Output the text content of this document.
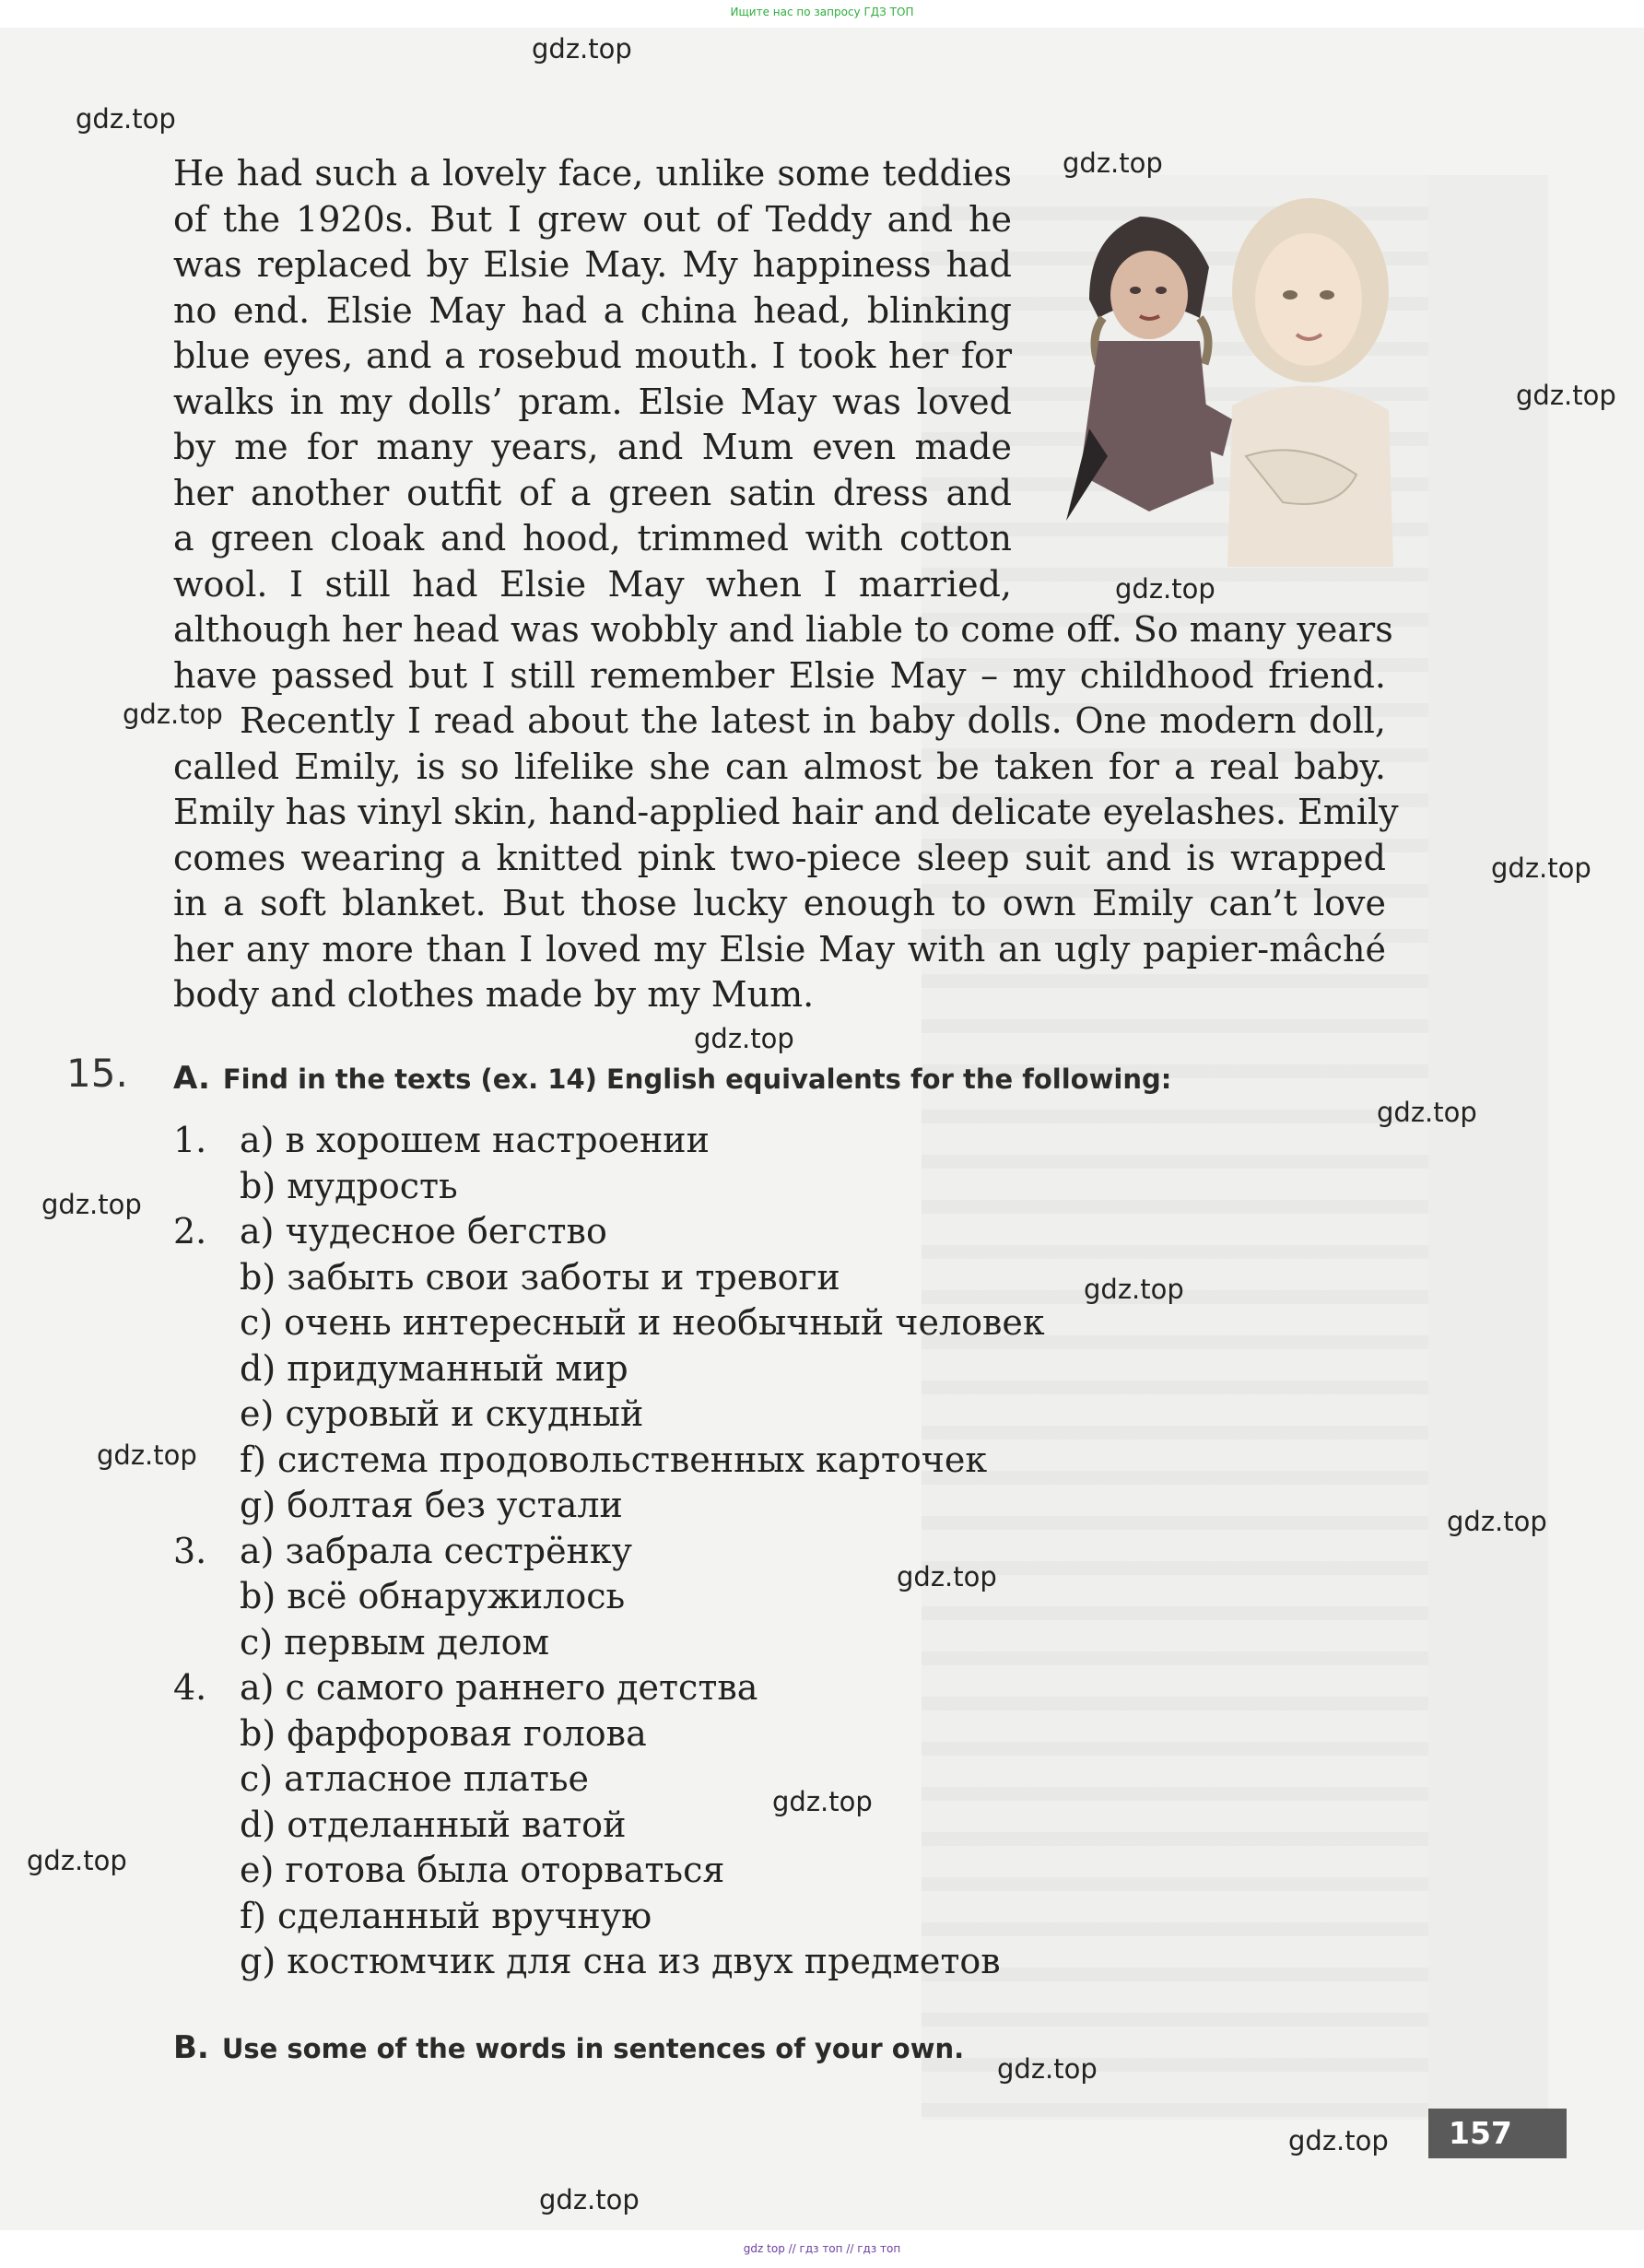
Ищите нас по запросу ГДЗ ТОП
He had such a lovely face, unlike some teddies
of the 1920s. But I grew out of Teddy and he
was replaced by Elsie May. My happiness had
no end. Elsie May had a china head, blinking
blue eyes, and a rosebud mouth. I took her for
walks in my dolls’ pram. Elsie May was loved
by me for many years, and Mum even made
her another outfit of a green satin dress and
a green cloak and hood, trimmed with cotton
wool. I still had Elsie May when I married,
although her head was wobbly and liable to come off. So many years
have passed but I still remember Elsie May – my childhood friend.
Recently I read about the latest in baby dolls. One modern doll,
called Emily, is so lifelike she can almost be taken for a real baby.
Emily has vinyl skin, hand-applied hair and delicate eyelashes. Emily
comes wearing a knitted pink two-piece sleep suit and is wrapped
in a soft blanket. But those lucky enough to own Emily can’t love
her any more than I loved my Elsie May with an ugly papier-mâché
body and clothes made by my Mum.
15. A. Find in the texts (ex. 14) English equivalents for the following:
1. a) в хорошем настроении
b) мудрость
2. a) чудесное бегство
b) забыть свои заботы и тревоги
c) очень интересный и необычный человек
d) придуманный мир
e) суровый и скудный
f) система продовольственных карточек
g) болтая без устали
3. a) забрала сестрёнку
b) всё обнаружилось
c) первым делом
4. a) с самого раннего детства
b) фарфоровая голова
c) атласное платье
d) отделанный ватой
e) готова была оторваться
f) сделанный вручную
g) костюмчик для сна из двух предметов
B. Use some of the words in sentences of your own.
157
gdz.top
gdz.top
gdz.top
gdz.top
gdz.top
gdz.top
gdz.top
gdz.top
gdz.top
gdz.top
gdz.top
gdz.top
gdz.top
gdz.top
gdz.top
gdz.top
gdz.top
gdz.top
gdz.top
gdz top // гдз топ // гдз топ
